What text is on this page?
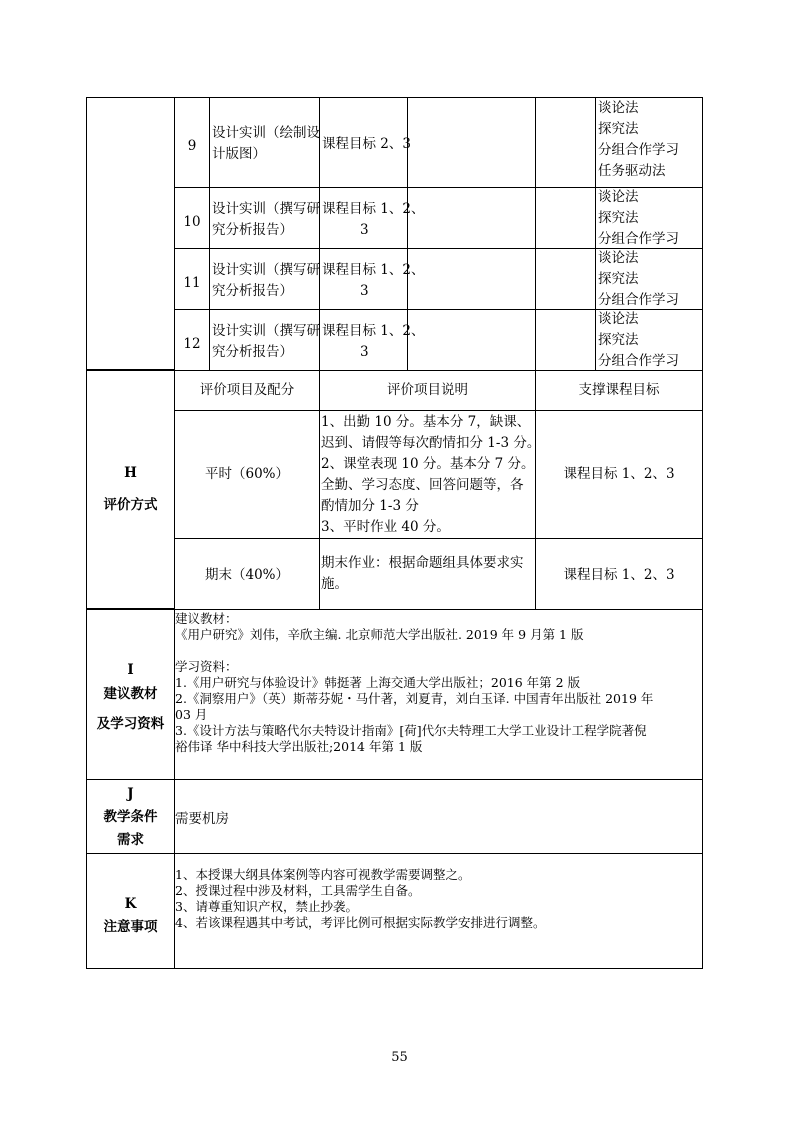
9
设计实训（绘制设
计版图）
课程目标 2、3
谈论法
探究法
分组合作学习
任务驱动法
10
设计实训（撰写研
究分析报告）
课程目标 1、2、
3
谈论法
探究法
分组合作学习
11
设计实训（撰写研
究分析报告）
课程目标 1、2、
3
谈论法
探究法
分组合作学习
12
设计实训（撰写研
究分析报告）
课程目标 1、2、
3
谈论法
探究法
分组合作学习
H
评价方式
评价项目及配分	评价项目说明	支撑课程目标
平时（60%）
1、出勤 10 分。基本分 7，缺课、
迟到、请假等每次酌情扣分 1-3 分。
2、课堂表现 10 分。基本分 7 分。
全勤、学习态度、回答问题等，各
酌情加分 1-3 分
3、平时作业 40 分。
课程目标 1、2、3
期末（40%）
期末作业：根据命题组具体要求实
施。
课程目标 1、2、3
I
建议教材
及学习资料
建议教材：
《用户研究》刘伟，辛欣主编. 北京师范大学出版社. 2019 年 9 月第 1 版
学习资料：
1.《用户研究与体验设计》韩挺著 上海交通大学出版社；2016 年第 2 版
2.《洞察用户》（英）斯蒂芬妮・马什著，刘夏青，刘白玉译. 中国青年出版社 2019 年
03 月
3.《设计方法与策略代尔夫特设计指南》[荷]代尔夫特理工大学工业设计工程学院著倪
裕伟译 华中科技大学出版社;2014 年第 1 版
J
教学条件
需求
需要机房
K
注意事项
1、本授课大纲具体案例等内容可视教学需要调整之。
2、授课过程中涉及材料，工具需学生自备。
3、请尊重知识产权，禁止抄袭。
4、若该课程遇其中考试，考评比例可根据实际教学安排进行调整。
55
